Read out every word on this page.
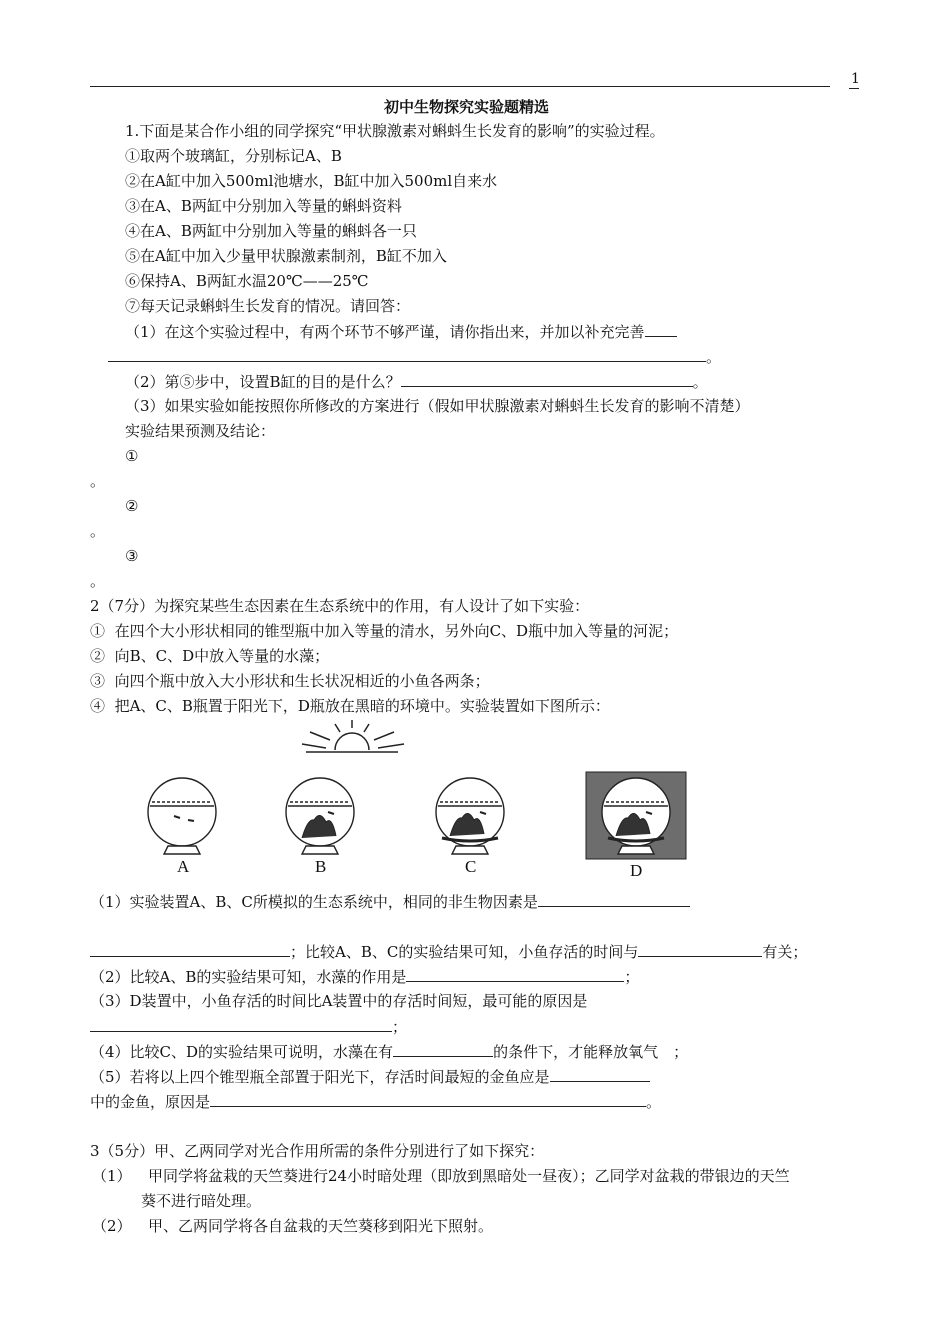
1
初中生物探究实验题精选
1.下面是某合作小组的同学探究“甲状腺激素对蝌蚪生长发育的影响”的实验过程。
①取两个玻璃缸，分别标记A、B
②在A缸中加入500ml池塘水，B缸中加入500ml自来水
③在A、B两缸中分别加入等量的蝌蚪资料
④在A、B两缸中分别加入等量的蝌蚪各一只
⑤在A缸中加入少量甲状腺激素制剂，B缸不加入
⑥保持A、B两缸水温20℃——25℃
⑦每天记录蝌蚪生长发育的情况。请回答：
（1）在这个实验过程中，有两个环节不够严谨，请你指出来，并加以补充完善
。
（2）第⑤步中，设置B缸的目的是什么？	。
（3）如果实验如能按照你所修改的方案进行（假如甲状腺激素对蝌蚪生长发育的影响不清楚）
实验结果预测及结论：
①
。
②
。
③
。
2（7分）为探究某些生态因素在生态系统中的作用，有人设计了如下实验：
① 在四个大小形状相同的锥型瓶中加入等量的清水，另外向C、D瓶中加入等量的河泥；
② 向B、C、D中放入等量的水藻；
③ 向四个瓶中放入大小形状和生长状况相近的小鱼各两条；
④ 把A、C、B瓶置于阳光下，D瓶放在黑暗的环境中。实验装置如下图所示：
A	B	C	D
（1）实验装置A、B、C所模拟的生态系统中，相同的非生物因素是
；比较A、B、C的实验结果可知，小鱼存活的时间与	有关；
（2）比较A、B的实验结果可知，水藻的作用是	；
（3）D装置中，小鱼存活的时间比A装置中的存活时间短，最可能的原因是
；
（4）比较C、D的实验结果可说明，水藻在有	的条件下，才能释放氧气　；
（5）若将以上四个锥型瓶全部置于阳光下，存活时间最短的金鱼应是
中的金鱼，原因是	。
3（5分）甲、乙两同学对光合作用所需的条件分别进行了如下探究：
（1） 甲同学将盆栽的天竺葵进行24小时暗处理（即放到黑暗处一昼夜）；乙同学对盆栽的带银边的天竺
葵不进行暗处理。
（2） 甲、乙两同学将各自盆栽的天竺葵移到阳光下照射。
